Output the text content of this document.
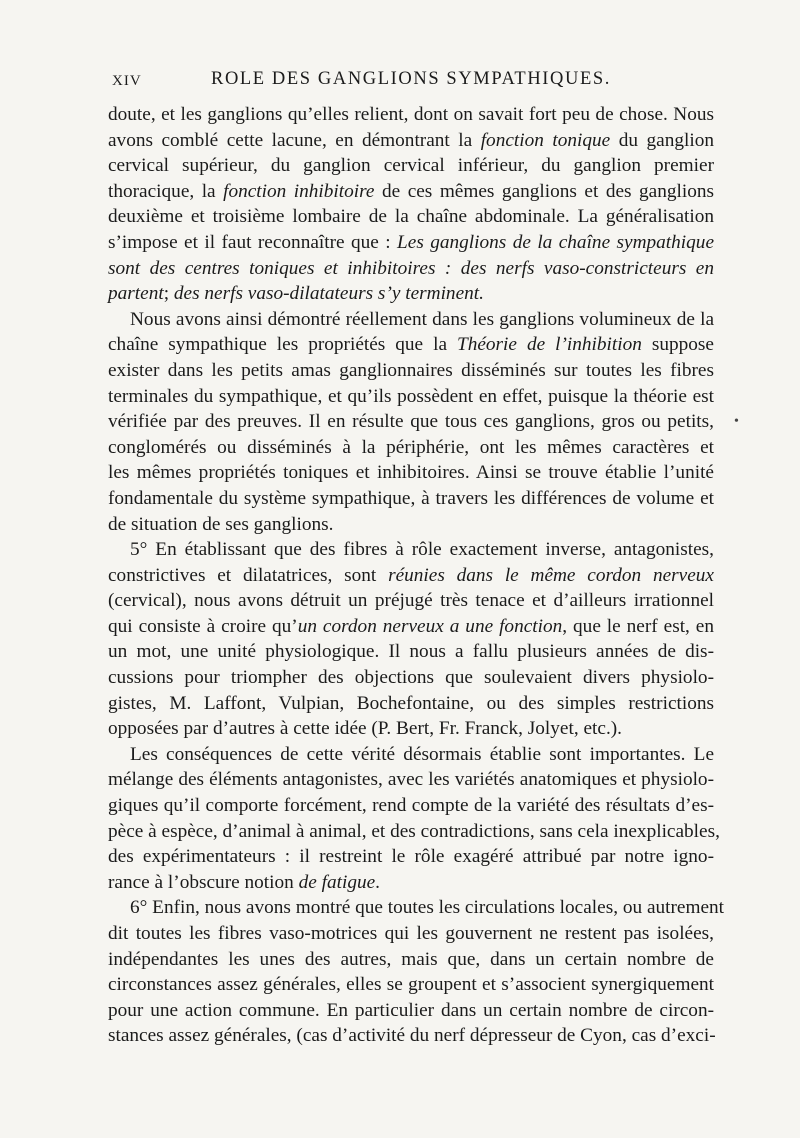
XIV	ROLE DES GANGLIONS SYMPATHIQUES.
doute, et les ganglions qu’elles relient, dont on savait fort peu de chose. Nous
avons comblé cette lacune, en démontrant la fonction tonique du ganglion
cervical supérieur, du ganglion cervical inférieur, du ganglion premier
thoracique, la fonction inhibitoire de ces mêmes ganglions et des ganglions
deuxième et troisième lombaire de la chaîne abdominale. La généralisation
s’impose et il faut reconnaître que : Les ganglions de la chaîne sympathique
sont des centres toniques et inhibitoires : des nerfs vaso-constricteurs en
partent; des nerfs vaso-dilatateurs s’y terminent.
Nous avons ainsi démontré réellement dans les ganglions volumineux de la
chaîne sympathique les propriétés que la Théorie de l’inhibition suppose
exister dans les petits amas ganglionnaires disséminés sur toutes les fibres
terminales du sympathique, et qu’ils possèdent en effet, puisque la théorie est
vérifiée par des preuves. Il en résulte que tous ces ganglions, gros ou petits,
conglomérés ou disséminés à la périphérie, ont les mêmes caractères et
les mêmes propriétés toniques et inhibitoires. Ainsi se trouve établie l’unité
fondamentale du système sympathique, à travers les différences de volume et
de situation de ses ganglions.
5° En établissant que des fibres à rôle exactement inverse, antagonistes,
constrictives et dilatatrices, sont réunies dans le même cordon nerveux
(cervical), nous avons détruit un préjugé très tenace et d’ailleurs irrationnel
qui consiste à croire qu’un cordon nerveux a une fonction, que le nerf est, en
un mot, une unité physiologique. Il nous a fallu plusieurs années de dis-
cussions pour triompher des objections que soulevaient divers physiolo-
gistes, M. Laffont, Vulpian, Bochefontaine, ou des simples restrictions
opposées par d’autres à cette idée (P. Bert, Fr. Franck, Jolyet, etc.).
Les conséquences de cette vérité désormais établie sont importantes. Le
mélange des éléments antagonistes, avec les variétés anatomiques et physiolo-
giques qu’il comporte forcément, rend compte de la variété des résultats d’es-
pèce à espèce, d’animal à animal, et des contradictions, sans cela inexplicables,
des expérimentateurs : il restreint le rôle exagéré attribué par notre igno-
rance à l’obscure notion de fatigue.
6° Enfin, nous avons montré que toutes les circulations locales, ou autrement
dit toutes les fibres vaso-motrices qui les gouvernent ne restent pas isolées,
indépendantes les unes des autres, mais que, dans un certain nombre de
circonstances assez générales, elles se groupent et s’associent synergiquement
pour une action commune. En particulier dans un certain nombre de circon-
stances assez générales, (cas d’activité du nerf dépresseur de Cyon, cas d’exci-
•
